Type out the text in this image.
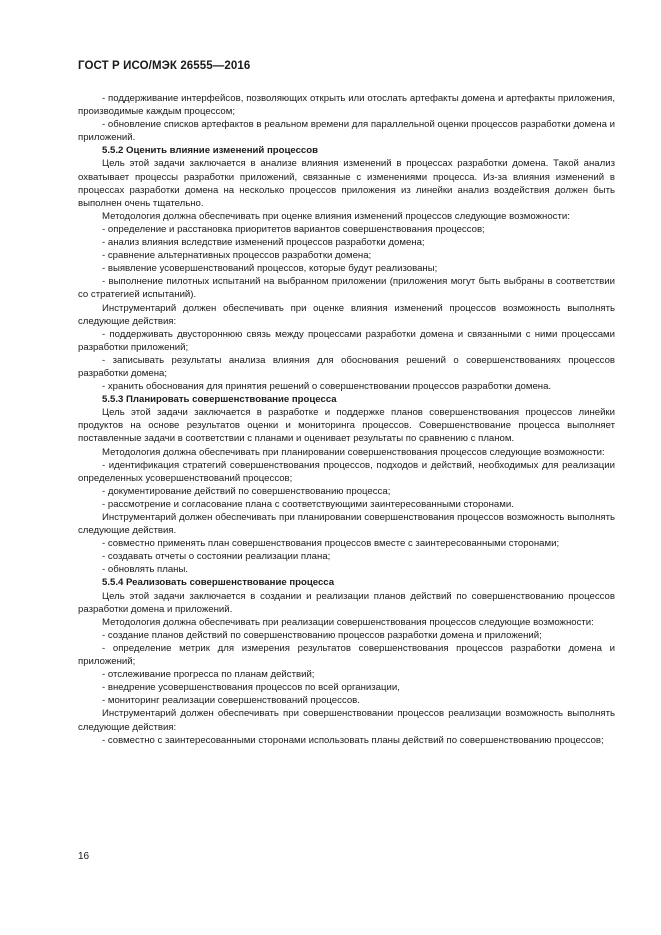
ГОСТ Р ИСО/МЭК 26555—2016

- поддерживание интерфейсов, позволяющих открыть или отослать артефакты домена и артефакты приложения, производимые каждым процессом;

- обновление списков артефактов в реальном времени для параллельной оценки процессов разработки домена и приложений.

5.5.2 Оценить влияние изменений процессов

Цель этой задачи заключается в анализе влияния изменений в процессах разработки домена. Такой анализ охватывает процессы разработки приложений, связанные с изменениями процесса. Из-за влияния изменений в процессах разработки домена на несколько процессов приложения из линейки анализ воздействия должен быть выполнен очень тщательно.

Методология должна обеспечивать при оценке влияния изменений процессов следующие возможности:

- определение и расстановка приоритетов вариантов совершенствования процессов;

- анализ влияния вследствие изменений процессов разработки домена;

- сравнение альтернативных процессов разработки домена;

- выявление усовершенствований процессов, которые будут реализованы;

- выполнение пилотных испытаний на выбранном приложении (приложения могут быть выбраны в соответствии со стратегией испытаний).

Инструментарий должен обеспечивать при оценке влияния изменений процессов возможность выполнять следующие действия:

- поддерживать двустороннюю связь между процессами разработки домена и связанными с ними процессами разработки приложений;

- записывать результаты анализа влияния для обоснования решений о совершенствованиях процессов разработки домена;

- хранить обоснования для принятия решений о совершенствовании процессов разработки домена.

5.5.3 Планировать совершенствование процесса

Цель этой задачи заключается в разработке и поддержке планов совершенствования процессов линейки продуктов на основе результатов оценки и мониторинга процессов. Совершенствование процесса выполняет поставленные задачи в соответствии с планами и оценивает результаты по сравнению с планом.

Методология должна обеспечивать при планировании совершенствования процессов следующие возможности:

- идентификация стратегий совершенствования процессов, подходов и действий, необходимых для реализации определенных усовершенствований процессов;

- документирование действий по совершенствованию процесса;

- рассмотрение и согласование плана с соответствующими заинтересованными сторонами.

Инструментарий должен обеспечивать при планировании совершенствования процессов возможность выполнять следующие действия.

- совместно применять план совершенствования процессов вместе с заинтересованными сторонами;

- создавать отчеты о состоянии реализации плана;

- обновлять планы.

5.5.4 Реализовать совершенствование процесса

Цель этой задачи заключается в создании и реализации планов действий по совершенствованию процессов разработки домена и приложений.

Методология должна обеспечивать при реализации совершенствования процессов следующие возможности:

- создание планов действий по совершенствованию процессов разработки домена и приложений;

- определение метрик для измерения результатов совершенствования процессов разработки домена и приложений;

- отслеживание прогресса по планам действий;

- внедрение усовершенствования процессов по всей организации,

- мониторинг реализации совершенствований процессов.

Инструментарий должен обеспечивать при совершенствовании процессов реализации возможность выполнять следующие действия:

- совместно с заинтересованными сторонами использовать планы действий по совершенствованию процессов;

16
